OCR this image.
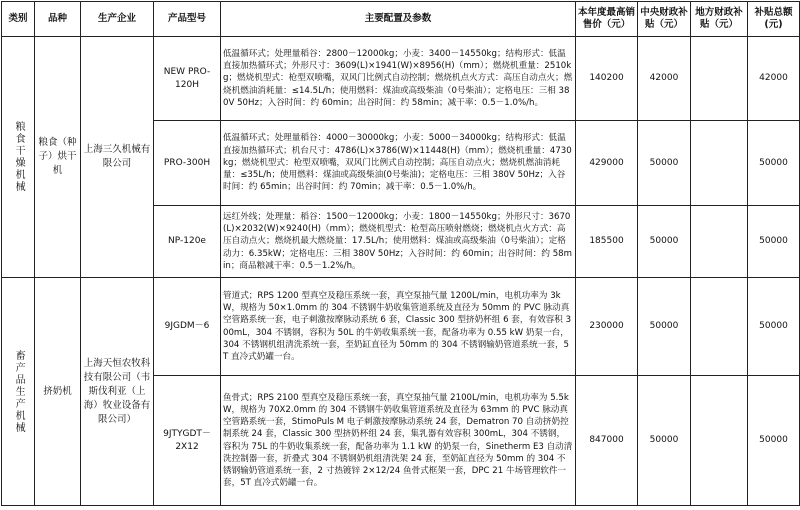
类别	品种	生产企业	产品型号	主要配置及参数	本年度最高销售价（元）	中央财政补贴（元）	地方财政补贴（元）	补贴总额(元)

粮食干燥机械	粮食（种子）烘干机	上海三久机械有限公司	NEW PRO-120H	低温循环式；处理量稻谷：2800－12000kg；小麦：3400－14550kg；结构形式：低温直接加热循环式；外形尺寸：3609(L)×1941(W)×8956(H)（mm）；燃烧机重量：2510kg；燃烧机型式：枪型双喷嘴，双风门比例式自动控制；燃烧机点火方式：高压自动点火；燃烧机燃油消耗量：≤14.5L/h；使用燃料：煤油或高级柴油（0号柴油）；定格电压：三相 380V 50Hz；入谷时间：约 60min；出谷时间：约 58min；减干率：0.5－1.0%/h。	140200	42000		42000
			PRO-300H	低温循环式；处理量稻谷：4000－30000kg；小麦：5000－34000kg；结构形式：低温直接加热循环式；机台尺寸：4786(L)×3786(W)×11448(H)（mm）；燃烧机重量：4730kg；燃烧机型式：枪型双喷嘴，双风门比例式自动控制；高压自动点火；燃烧机燃油消耗量：≤35L/h；使用燃料：煤油或高级柴油(0号柴油)；定格电压：三相 380V 50Hz；入谷时间：约 65min；出谷时间：约 70min；减干率：0.5－1.0%/h。	429000	50000		50000
			NP-120e	远红外线；处理量：稻谷：1500－12000kg；小麦：1800－14550kg；外形尺寸：3670(L)×2032(W)×9240(H)（mm）；燃烧机型式：枪型高压喷射燃烧；燃烧机点火方式：高压自动点火；燃烧机最大燃烧量：17.5L/h；使用燃料：煤油或高级柴油（0号柴油）；定格动力：6.35kW；定格电压：三相 380V 50Hz；入谷时间：约 60min；出谷时间：约 58min；商品粮减干率：0.5－1.2%/h。	185500	50000		50000

畜产品生产机械	挤奶机	上海天恒农牧科技有限公司（韦斯伐利亚（上海）牧业设备有限公司）	9JGDM－6	管道式；RPS 1200 型真空及稳压系统一套，真空泵抽气量 1200L/min，电机功率为 3kW，规格为 50×1.0mm 的 304 不锈钢牛奶收集管道系统及直径为 50mm 的 PVC 脉动真空管路系统一套，电子刺激按摩脉动系统 6 套，Classic 300 型挤奶杯组 6 套，有效容积 300mL，304 不锈钢，容积为 50L 的牛奶收集系统一套，配备功率为 0.55 kW 奶泵一台，304 不锈钢机组清洗系统一套，至奶缸直径为 50mm 的 304 不锈钢输奶管道系统一套，5T 直冷式奶罐一台。	230000	50000		50000
			9JTYGDT－2X12	鱼骨式；RPS 2100 型真空及稳压系统一套，真空泵抽气量 2100L/min，电机功率为 5.5kW，规格为 70X2.0mm 的 304 不锈钢牛奶收集管道系统及直径为 63mm 的 PVC 脉动真空管路系统一套，StimoPuls M 电子刺激按摩脉动系统 24 套，Dematron 70 自动挤奶控制系统 24 套，Classic 300 型挤奶杯组 24 套，集乳器有效容积 300mL，304 不锈钢，容积为 75L 的牛奶收集系统一套，配备功率为 1.1 kW 的奶泵一台，Sinetherm E3 自动清洗控制器一套，折叠式 304 不锈钢奶机组清洗架 24 套，至奶缸直径为 50mm 的 304 不锈钢输奶管道系统一套，2 寸热镀锌 2×12/24 鱼骨式框架一套，DPC 21 牛场管理软件一套，5T 直冷式奶罐一台。	847000	50000		50000
